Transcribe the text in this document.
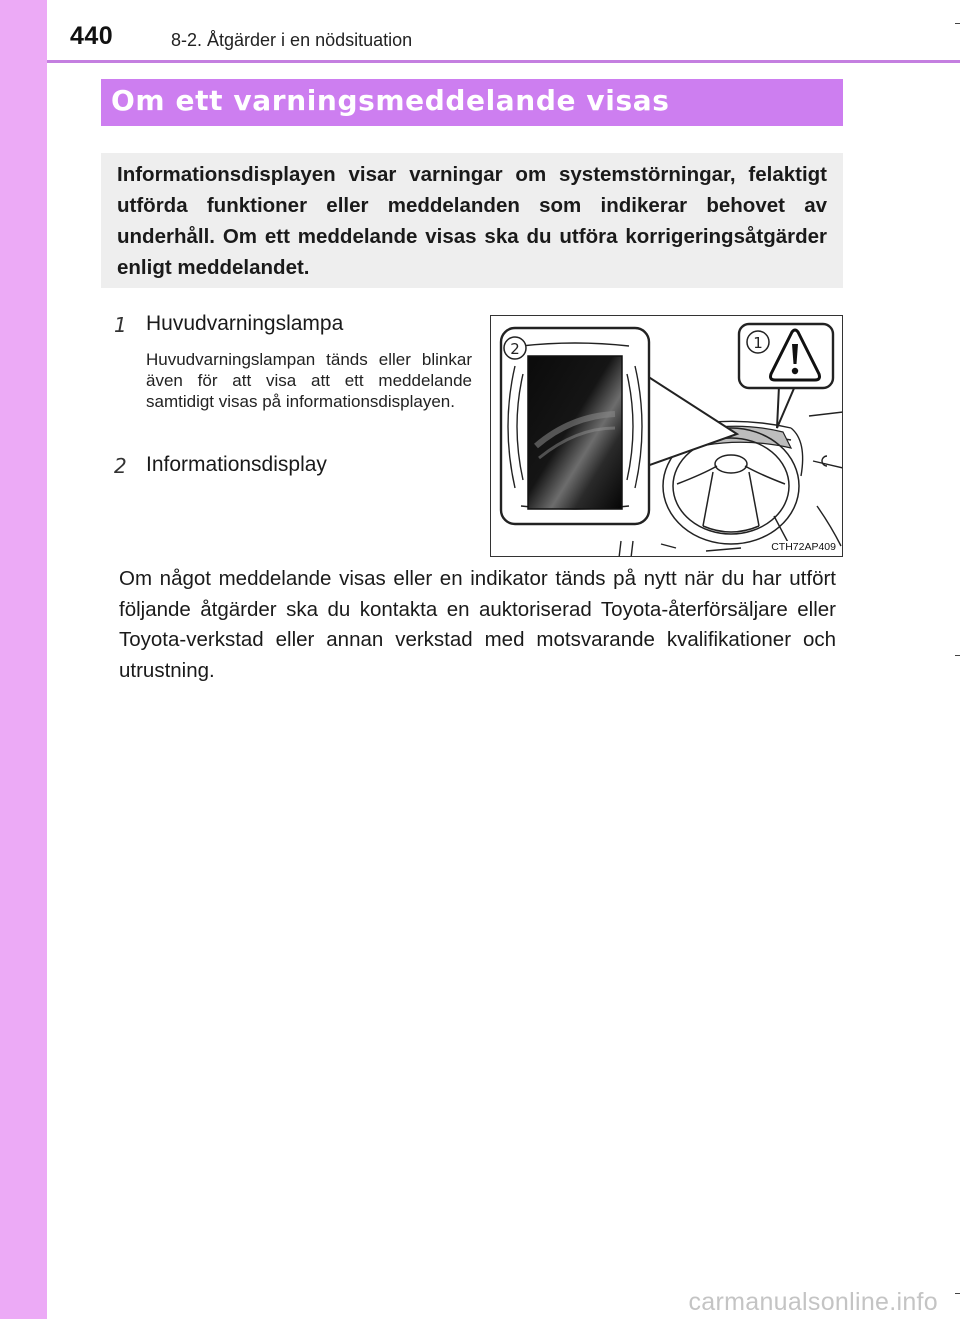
440	8-2. Åtgärder i en nödsituation
Om ett varningsmeddelande visas

Informationsdisplayen visar varningar om systemstörningar, felaktigt utförda funktioner eller meddelanden som indikerar behovet av underhåll. Om ett meddelande visas ska du utföra korrigeringsåtgärder enligt meddelandet.

1 Huvudvarningslampa

Huvudvarningslampan tänds eller blinkar även för att visa att ett meddelande samtidigt visas på informationsdisplayen.

2 Informationsdisplay
2	1
CTH72AP409

Om något meddelande visas eller en indikator tänds på nytt när du har utfört följande åtgärder ska du kontakta en auktoriserad Toyota-återförsäljare eller Toyota-verkstad eller annan verkstad med motsvarande kvalifikationer och utrustning.

carmanualsonline.info
